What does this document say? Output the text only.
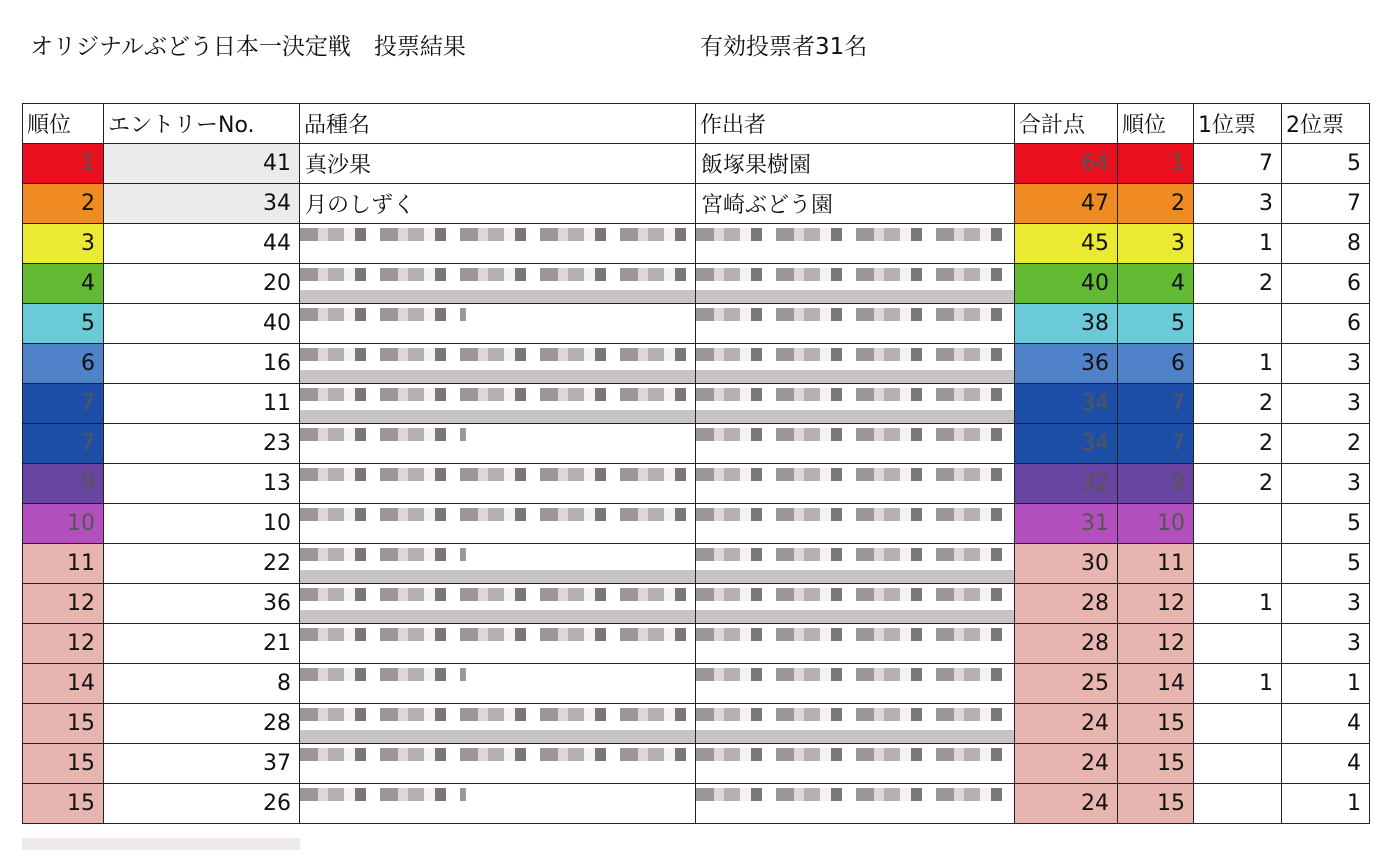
オリジナルぶどう日本一決定戦　投票結果	有効投票者31名
順位	エントリーNo.	品種名	作出者	合計点	順位	1位票	2位票
1	41	真沙果	飯塚果樹園	64	1	7	5
2	34	月のしずく	宮崎ぶどう園	47	2	3	7
3	44			45	3	1	8
4	20			40	4	2	6
5	40			38	5		6
6	16			36	6	1	3
7	11			34	7	2	3
7	23			34	7	2	2
9	13			32	9	2	3
10	10			31	10		5
11	22			30	11		5
12	36			28	12	1	3
12	21			28	12		3
14	8			25	14	1	1
15	28			24	15		4
15	37			24	15		4
15	26			24	15		1
